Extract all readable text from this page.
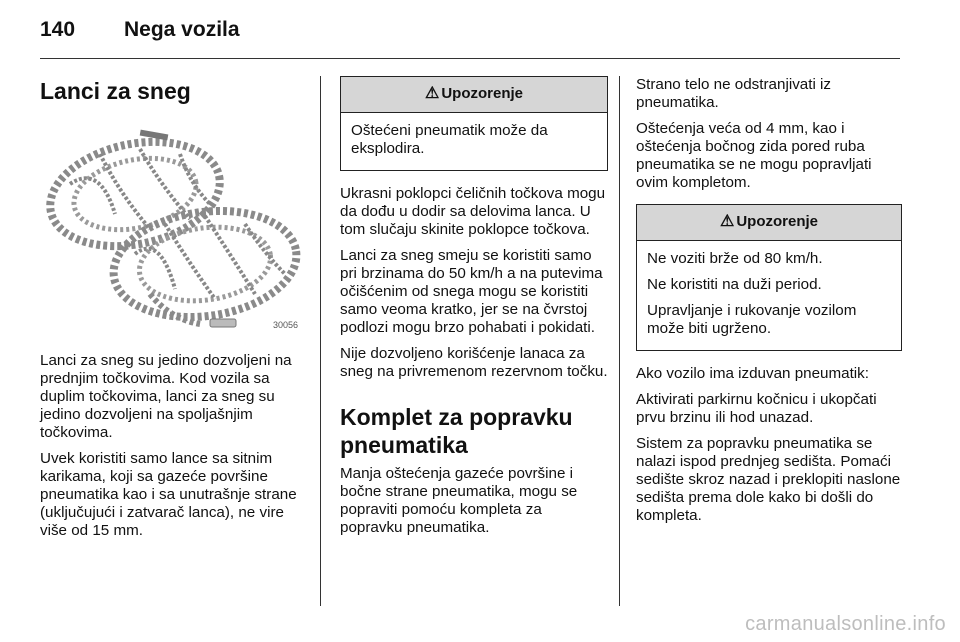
140 Nega vozila
Lanci za sneg
30056

Lanci za sneg su jedino dozvoljeni na prednjim točkovima. Kod vozila sa duplim točkovima, lanci za sneg su jedino dozvoljeni na spoljašnjim točkovima.

Uvek koristiti samo lance sa sitnim karikama, koji sa gazeće površine pneumatika kao i sa unutrašnje strane (uključujući i zatvarač lanca), ne vire više od 15 mm.

⚠ Upozorenje

Oštećeni pneumatik može da eksplodira.

Ukrasni poklopci čeličnih točkova mogu da dođu u dodir sa delovima lanca. U tom slučaju skinite poklopce točkova.

Lanci za sneg smeju se koristiti samo pri brzinama do 50 km/h a na putevima očišćenim od snega mogu se koristiti samo veoma kratko, jer se na čvrstoj podlozi mogu brzo pohabati i pokidati.

Nije dozvoljeno korišćenje lanaca za sneg na privremenom rezervnom točku.

Komplet za popravku pneumatika

Manja oštećenja gazeće površine i bočne strane pneumatika, mogu se popraviti pomoću kompleta za popravku pneumatika.

Strano telo ne odstranjivati iz pneumatika.

Oštećenja veća od 4 mm, kao i oštećenja bočnog zida pored ruba pneumatika se ne mogu popravljati ovim kompletom.

⚠ Upozorenje

Ne voziti brže od 80 km/h.

Ne koristiti na duži period.

Upravljanje i rukovanje vozilom može biti ugrženo.

Ako vozilo ima izduvan pneumatik:

Aktivirati parkirnu kočnicu i ukopčati prvu brzinu ili hod unazad.

Sistem za popravku pneumatika se nalazi ispod prednjeg sedišta. Pomaći sedište skroz nazad i preklopiti naslone sedišta prema dole kako bi došli do kompleta.

carmanualsonline.info
